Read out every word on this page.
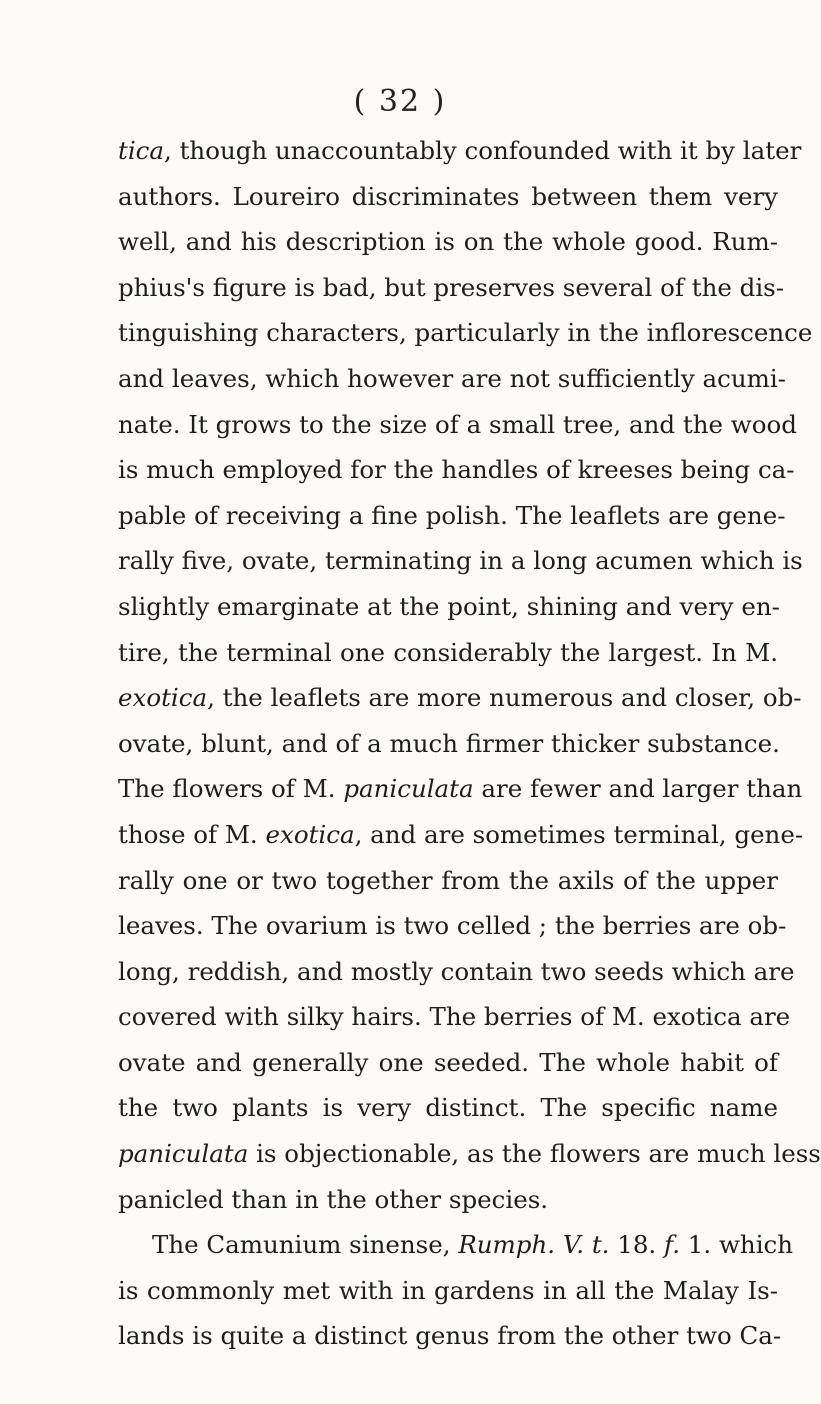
( 32 )
tica, though unaccountably confounded with it by later
authors. Loureiro discriminates between them very
well, and his description is on the whole good. Rum-
phius's figure is bad, but preserves several of the dis-
tinguishing characters, particularly in the inflorescence
and leaves, which however are not sufficiently acumi-
nate. It grows to the size of a small tree, and the wood
is much employed for the handles of kreeses being ca-
pable of receiving a fine polish. The leaflets are gene-
rally five, ovate, terminating in a long acumen which is
slightly emarginate at the point, shining and very en-
tire, the terminal one considerably the largest. In M.
exotica, the leaflets are more numerous and closer, ob-
ovate, blunt, and of a much firmer thicker substance.
The flowers of M. paniculata are fewer and larger than
those of M. exotica, and are sometimes terminal, gene-
rally one or two together from the axils of the upper
leaves. The ovarium is two celled ; the berries are ob-
long, reddish, and mostly contain two seeds which are
covered with silky hairs. The berries of M. exotica are
ovate and generally one seeded. The whole habit of
the two plants is very distinct. The specific name
paniculata is objectionable, as the flowers are much less
panicled than in the other species.
The Camunium sinense, Rumph. V. t. 18. f. 1. which
is commonly met with in gardens in all the Malay Is-
lands is quite a distinct genus from the other two Ca-
